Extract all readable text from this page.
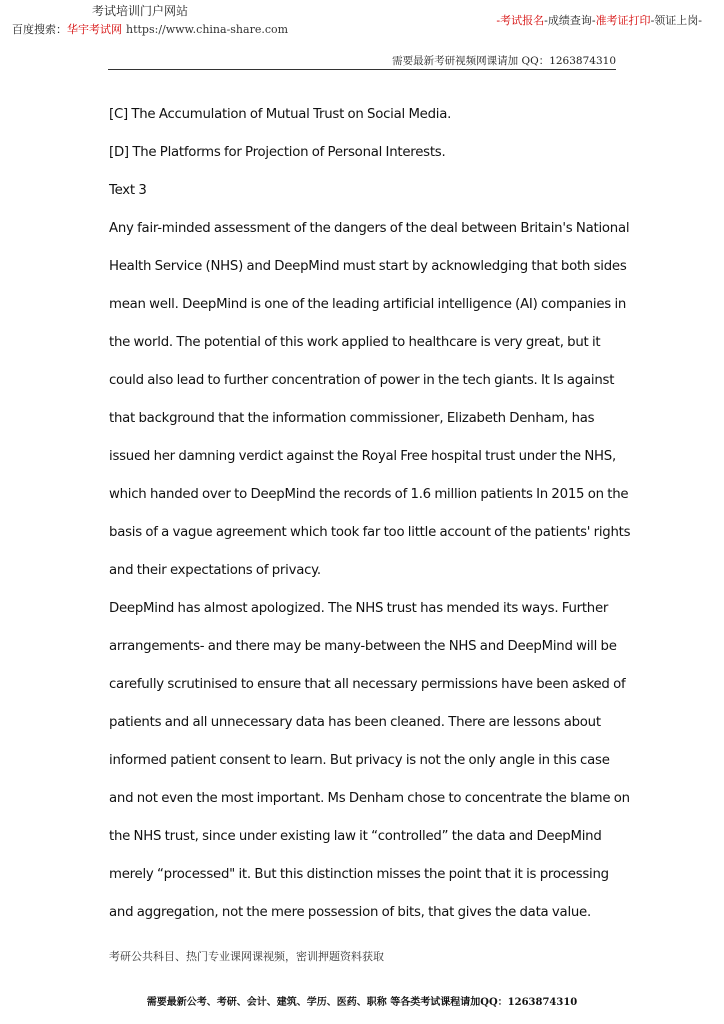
考试培训门户网站
百度搜索：华宇考试网 https://www.china-share.com
-考试报名-成绩查询-准考证打印-领证上岗-
需要最新考研视频网课请加 QQ：1263874310

[C] The Accumulation of Mutual Trust on Social Media.

[D] The Platforms for Projection of Personal Interests.

Text 3

Any fair-minded assessment of the dangers of the deal between Britain's National

Health Service (NHS) and DeepMind must start by acknowledging that both sides

mean well. DeepMind is one of the leading artificial intelligence (AI) companies in

the world. The potential of this work applied to healthcare is very great, but it

could also lead to further concentration of power in the tech giants. It Is against

that background that the information commissioner, Elizabeth Denham, has

issued her damning verdict against the Royal Free hospital trust under the NHS,

which handed over to DeepMind the records of 1.6 million patients In 2015 on the

basis of a vague agreement which took far too little account of the patients' rights

and their expectations of privacy.

DeepMind has almost apologized. The NHS trust has mended its ways. Further

arrangements- and there may be many-between the NHS and DeepMind will be

carefully scrutinised to ensure that all necessary permissions have been asked of

patients and all unnecessary data has been cleaned. There are lessons about

informed patient consent to learn. But privacy is not the only angle in this case

and not even the most important. Ms Denham chose to concentrate the blame on

the NHS trust, since under existing law it “controlled” the data and DeepMind

merely “processed" it. But this distinction misses the point that it is processing

and aggregation, not the mere possession of bits, that gives the data value.

考研公共科目、热门专业课网课视频，密训押题资料获取
需要最新公考、考研、会计、建筑、学历、医药、职称 等各类考试课程请加QQ：1263874310
